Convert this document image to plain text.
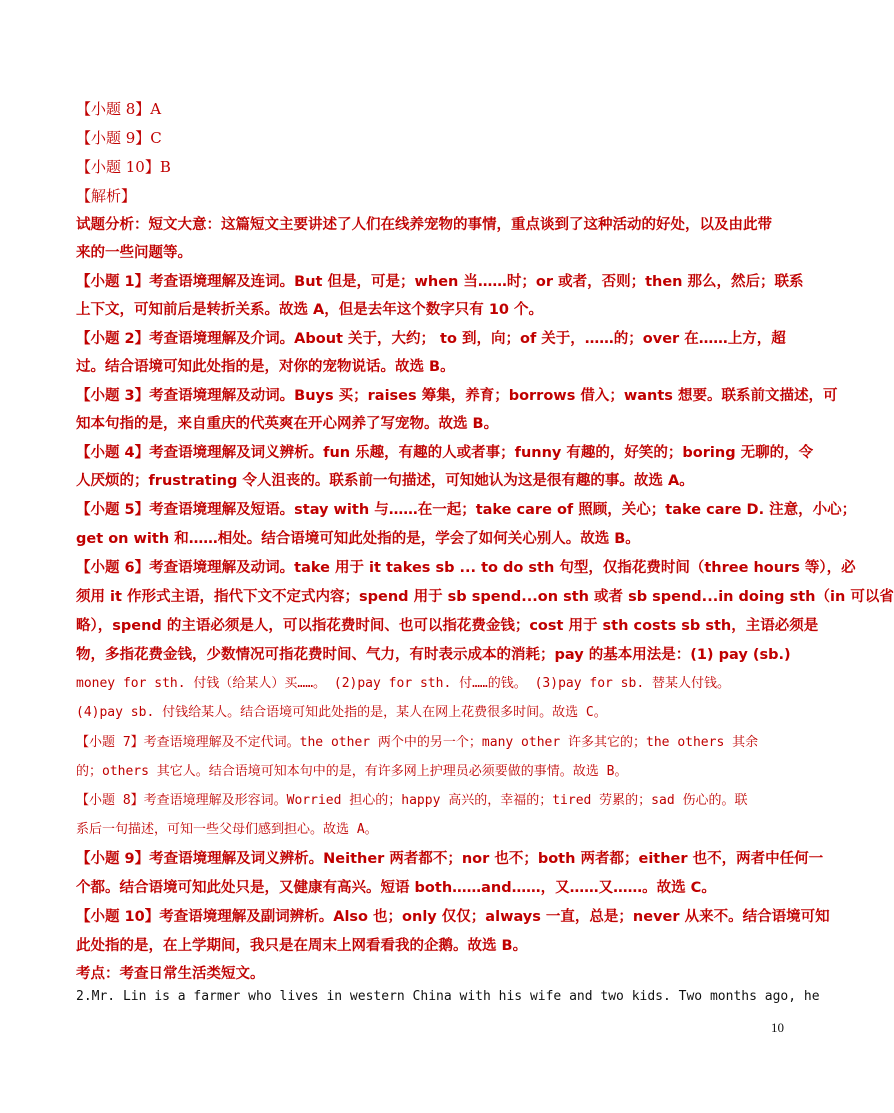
【小题 8】A
【小题 9】C
【小题 10】B
【解析】
试题分析：短文大意：这篇短文主要讲述了人们在线养宠物的事情，重点谈到了这种活动的好处，以及由此带
来的一些问题等。
【小题 1】考查语境理解及连词。But 但是，可是；when 当……时；or 或者，否则；then 那么，然后；联系
上下文，可知前后是转折关系。故选 A，但是去年这个数字只有 10 个。
【小题 2】考查语境理解及介词。About 关于，大约； to 到，向；of 关于，……的；over 在……上方，超
过。结合语境可知此处指的是，对你的宠物说话。故选 B。
【小题 3】考查语境理解及动词。Buys 买；raises 筹集，养育；borrows 借入；wants 想要。联系前文描述，可
知本句指的是，来自重庆的代英爽在开心网养了写宠物。故选 B。
【小题 4】考查语境理解及词义辨析。fun 乐趣，有趣的人或者事；funny 有趣的，好笑的；boring 无聊的，令
人厌烦的；frustrating 令人沮丧的。联系前一句描述，可知她认为这是很有趣的事。故选 A。
【小题 5】考查语境理解及短语。stay with 与……在一起；take care of 照顾，关心；take care D. 注意，小心；
get on with 和……相处。结合语境可知此处指的是，学会了如何关心别人。故选 B。
【小题 6】考查语境理解及动词。take 用于 it takes sb ... to do sth 句型，仅指花费时间（three hours 等），必
须用 it 作形式主语，指代下文不定式内容；spend 用于 sb spend...on sth 或者 sb spend...in doing sth（in 可以省
略），spend 的主语必须是人，可以指花费时间、也可以指花费金钱；cost 用于 sth costs sb sth，主语必须是
物，多指花费金钱，少数情况可指花费时间、气力，有时表示成本的消耗；pay 的基本用法是：(1) pay (sb.)
money for sth. 付钱（给某人）买……。 (2)pay for sth. 付……的钱。 (3)pay for sb. 替某人付钱。
(4)pay sb. 付钱给某人。结合语境可知此处指的是，某人在网上花费很多时间。故选 C。
【小题 7】考查语境理解及不定代词。the other 两个中的另一个；many other 许多其它的；the others 其余
的；others 其它人。结合语境可知本句中的是，有许多网上护理员必须要做的事情。故选 B。
【小题 8】考查语境理解及形容词。Worried 担心的；happy 高兴的，幸福的；tired 劳累的；sad 伤心的。联
系后一句描述，可知一些父母们感到担心。故选 A。
【小题 9】考查语境理解及词义辨析。Neither 两者都不；nor 也不；both 两者都；either 也不，两者中任何一
个都。结合语境可知此处只是，又健康有高兴。短语 both……and……，又……又……。故选 C。
【小题 10】考查语境理解及副词辨析。Also 也；only 仅仅；always 一直，总是；never 从来不。结合语境可知
此处指的是，在上学期间，我只是在周末上网看看我的企鹅。故选 B。
考点：考查日常生活类短文。
2.Mr. Lin is a farmer who lives in western China with his wife and two kids. Two months ago, he
10
